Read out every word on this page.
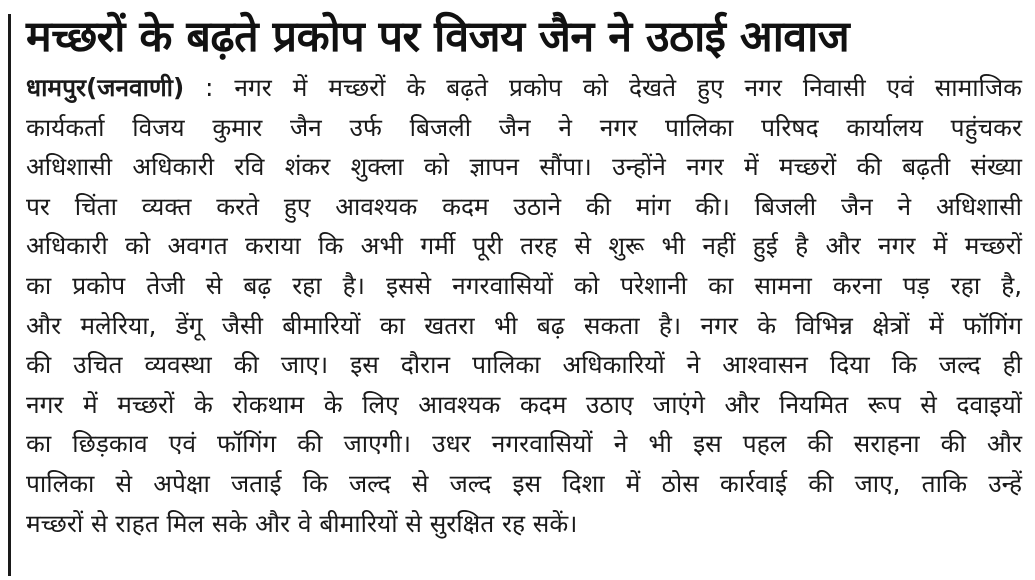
मच्छरों के बढ़ते प्रकोप पर विजय जैन ने उठाई आवाज
धामपुर(जनवाणी) : नगर में मच्छरों के बढ़ते प्रकोप को देखते हुए नगर निवासी एवं सामाजिक
कार्यकर्ता विजय कुमार जैन उर्फ बिजली जैन ने नगर पालिका परिषद कार्यालय पहुंचकर
अधिशासी अधिकारी रवि शंकर शुक्ला को ज्ञापन सौंपा। उन्होंने नगर में मच्छरों की बढ़ती संख्या
पर चिंता व्यक्त करते हुए आवश्यक कदम उठाने की मांग की। बिजली जैन ने अधिशासी
अधिकारी को अवगत कराया कि अभी गर्मी पूरी तरह से शुरू भी नहीं हुई है और नगर में मच्छरों
का प्रकोप तेजी से बढ़ रहा है। इससे नगरवासियों को परेशानी का सामना करना पड़ रहा है,
और मलेरिया, डेंगू जैसी बीमारियों का खतरा भी बढ़ सकता है। नगर के विभिन्न क्षेत्रों में फॉगिंग
की उचित व्यवस्था की जाए। इस दौरान पालिका अधिकारियों ने आश्वासन दिया कि जल्द ही
नगर में मच्छरों के रोकथाम के लिए आवश्यक कदम उठाए जाएंगे और नियमित रूप से दवाइयों
का छिड़काव एवं फॉगिंग की जाएगी। उधर नगरवासियों ने भी इस पहल की सराहना की और
पालिका से अपेक्षा जताई कि जल्द से जल्द इस दिशा में ठोस कार्रवाई की जाए, ताकि उन्हें
मच्छरों से राहत मिल सके और वे बीमारियों से सुरक्षित रह सकें।
